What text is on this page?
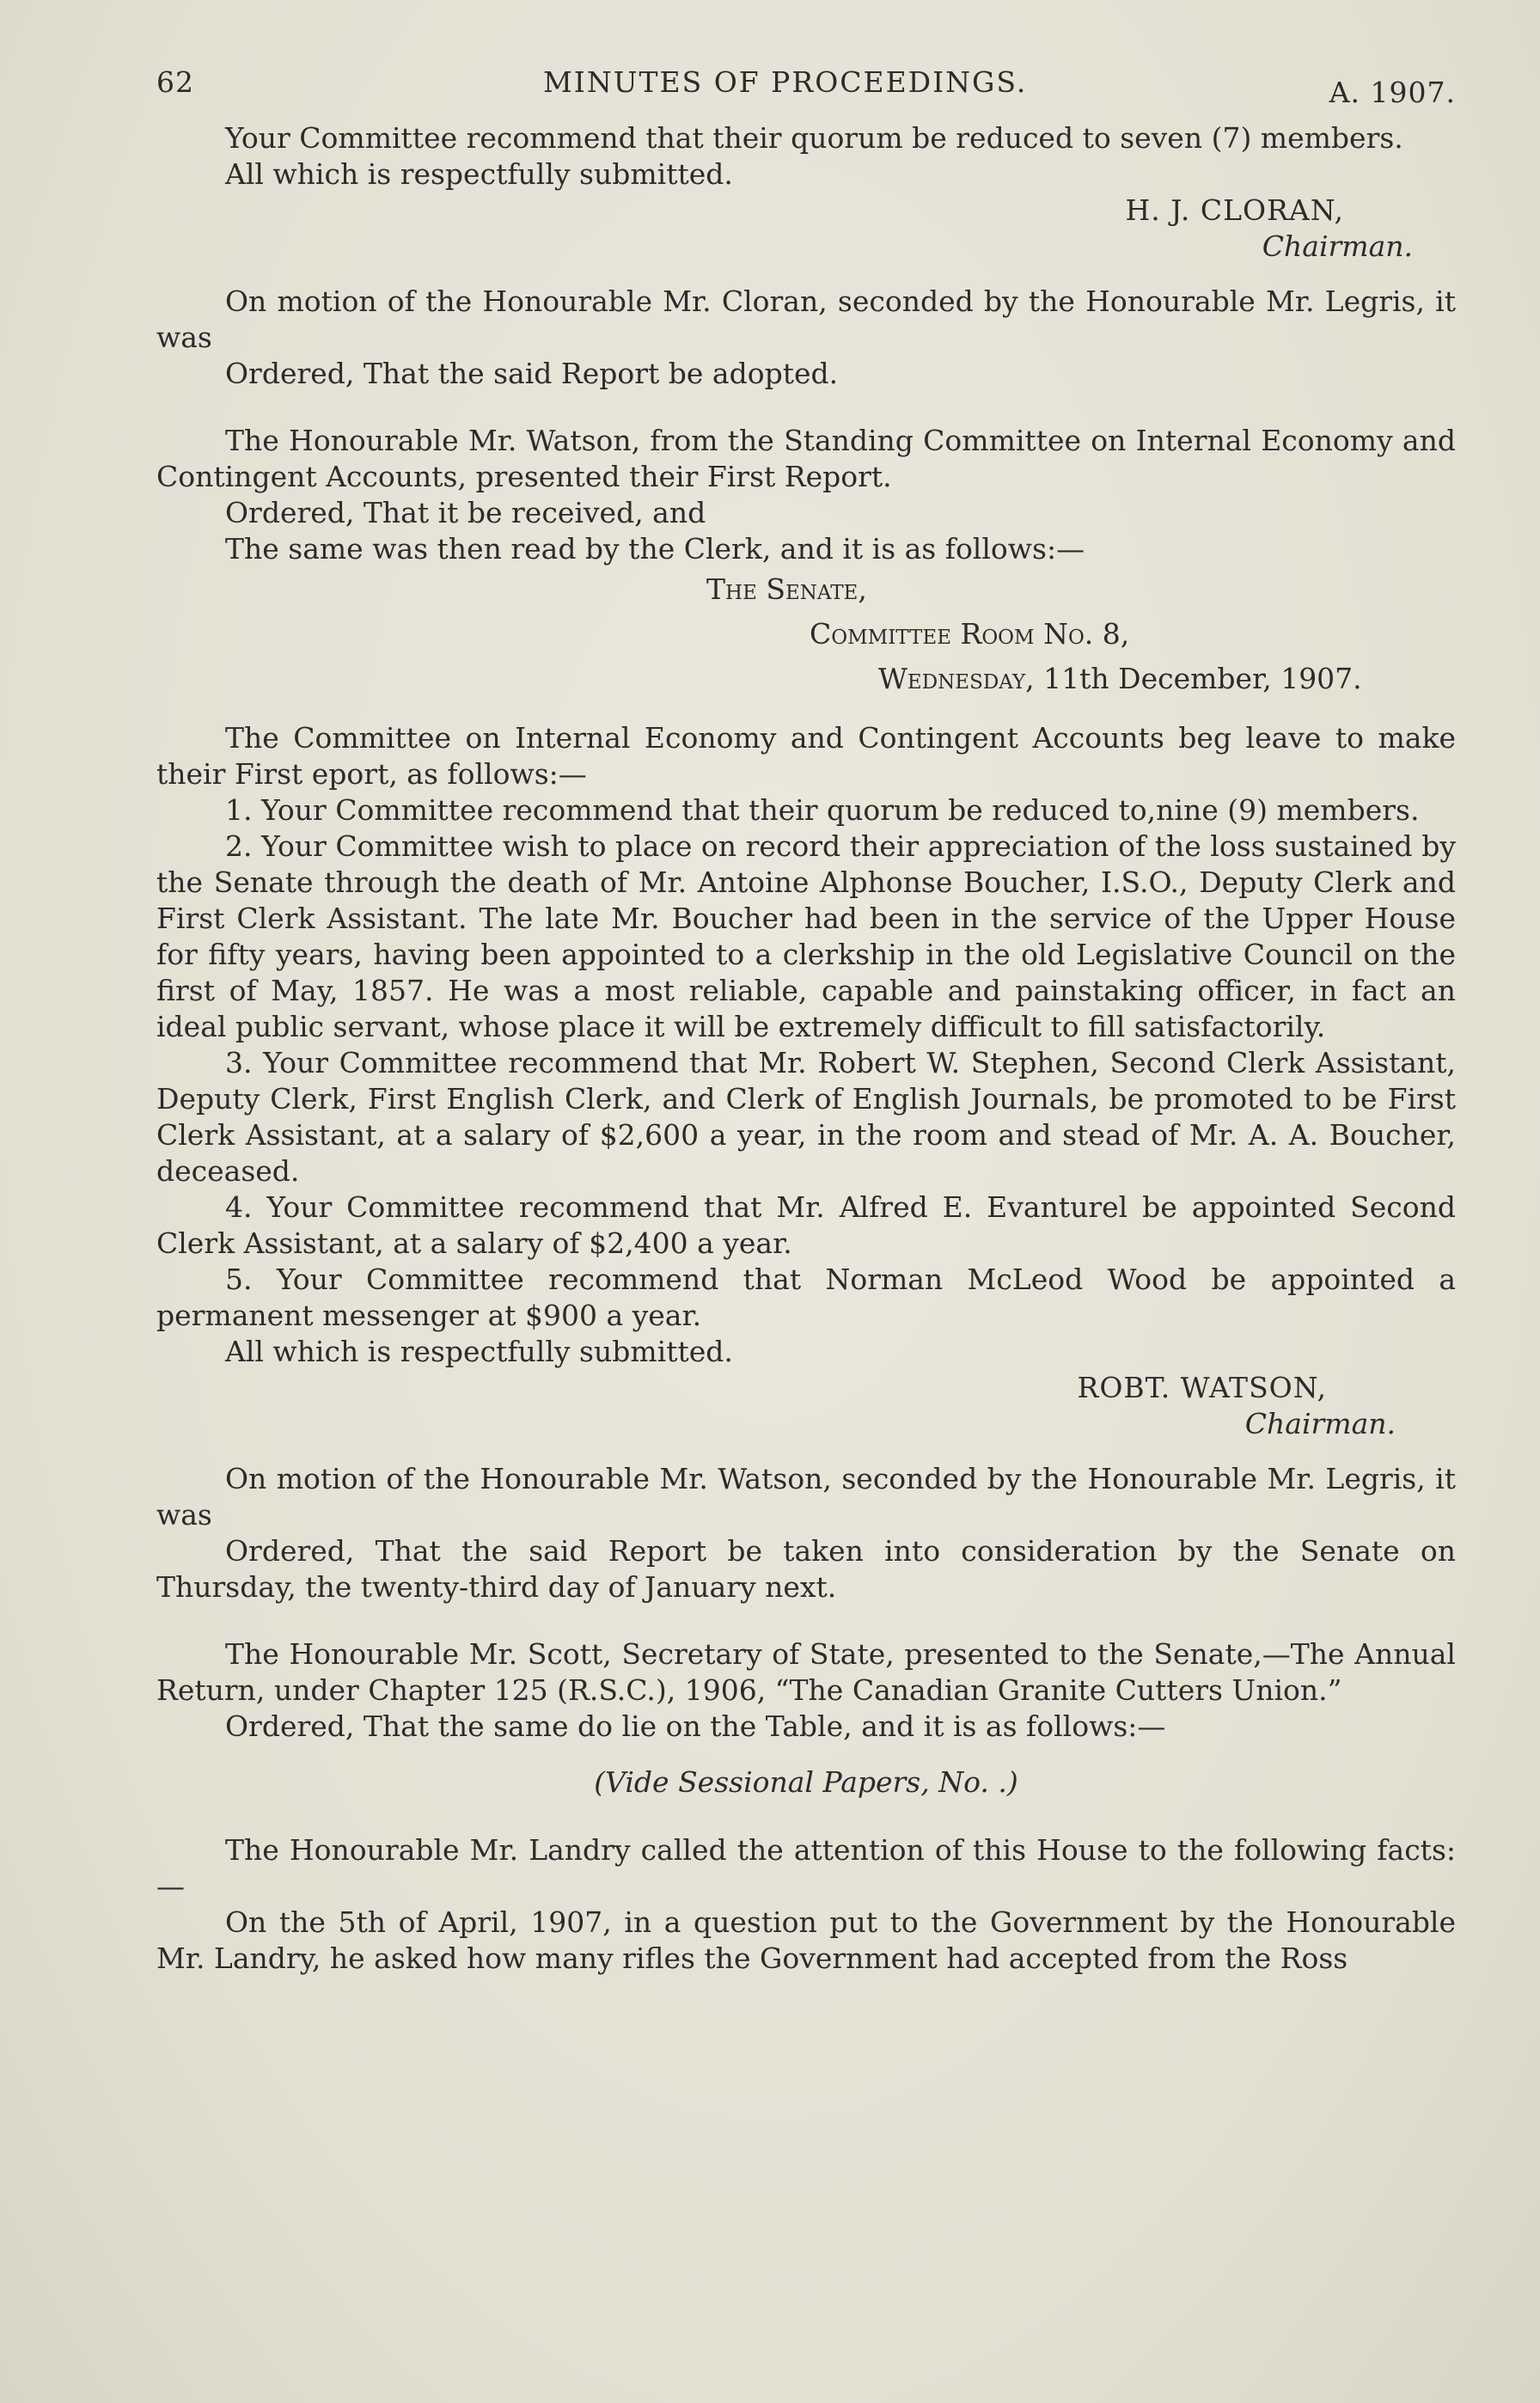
62	MINUTES OF PROCEEDINGS.	A. 1907.

Your Committee recommend that their quorum be reduced to seven (7) members.

All which is respectfully submitted.

H. J. CLORAN,
Chairman.

On motion of the Honourable Mr. Cloran, seconded by the Honourable Mr. Legris, it was

Ordered, That the said Report be adopted.

The Honourable Mr. Watson, from the Standing Committee on Internal Economy and Contingent Accounts, presented their First Report.

Ordered, That it be received, and

The same was then read by the Clerk, and it is as follows:—

The Senate,
Committee Room No. 8,
Wednesday, 11th December, 1907.

The Committee on Internal Economy and Contingent Accounts beg leave to make their First eport, as follows:—

1. Your Committee recommend that their quorum be reduced to,nine (9) members.

2. Your Committee wish to place on record their appreciation of the loss sustained by the Senate through the death of Mr. Antoine Alphonse Boucher, I.S.O., Deputy Clerk and First Clerk Assistant. The late Mr. Boucher had been in the service of the Upper House for fifty years, having been appointed to a clerkship in the old Legislative Council on the first of May, 1857. He was a most reliable, capable and painstaking officer, in fact an ideal public servant, whose place it will be extremely difficult to fill satisfactorily.

3. Your Committee recommend that Mr. Robert W. Stephen, Second Clerk Assistant, Deputy Clerk, First English Clerk, and Clerk of English Journals, be promoted to be First Clerk Assistant, at a salary of $2,600 a year, in the room and stead of Mr. A. A. Boucher, deceased.

4. Your Committee recommend that Mr. Alfred E. Evanturel be appointed Second Clerk Assistant, at a salary of $2,400 a year.

5. Your Committee recommend that Norman McLeod Wood be appointed a permanent messenger at $900 a year.

All which is respectfully submitted.

ROBT. WATSON,
Chairman.

On motion of the Honourable Mr. Watson, seconded by the Honourable Mr. Legris, it was

Ordered, That the said Report be taken into consideration by the Senate on Thursday, the twenty-third day of January next.

The Honourable Mr. Scott, Secretary of State, presented to the Senate,—The Annual Return, under Chapter 125 (R.S.C.), 1906, “The Canadian Granite Cutters Union.”

Ordered, That the same do lie on the Table, and it is as follows:—

(Vide Sessional Papers, No. .)

The Honourable Mr. Landry called the attention of this House to the following facts:—

On the 5th of April, 1907, in a question put to the Government by the Honourable Mr. Landry, he asked how many rifles the Government had accepted from the Ross
